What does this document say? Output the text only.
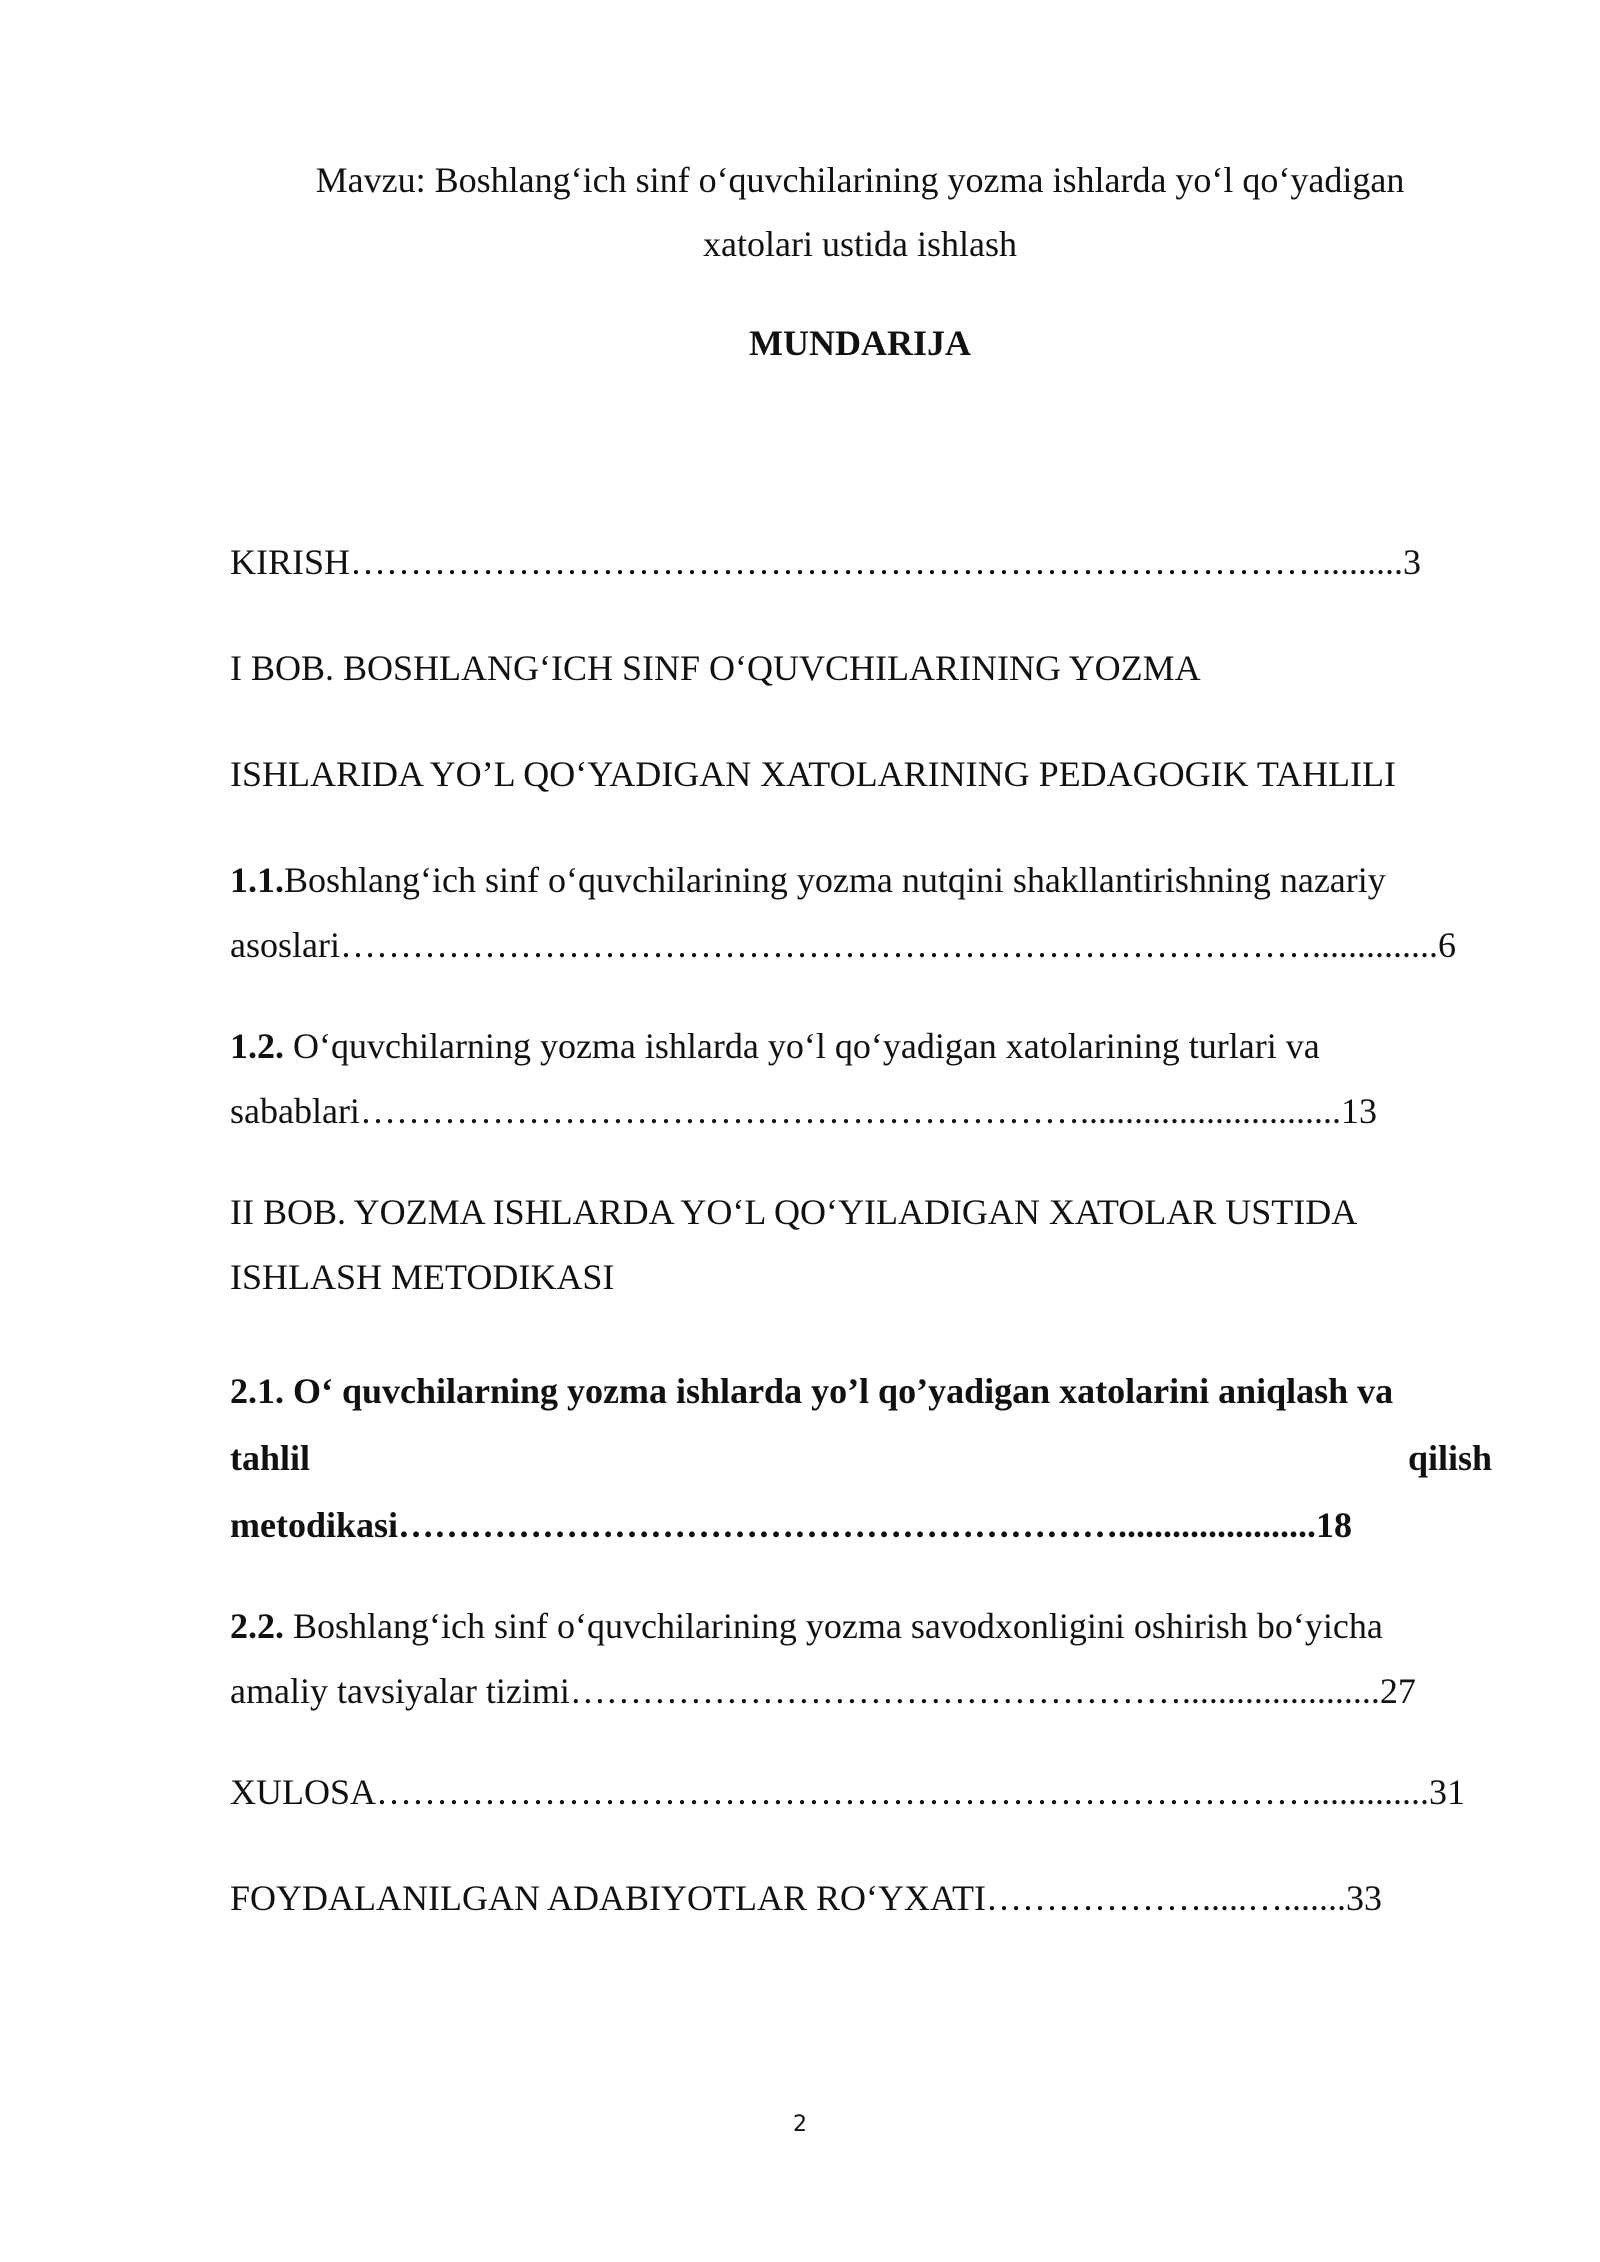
Mavzu: Boshlang‘ich sinf o‘quvchilarining yozma ishlarda yo‘l qo‘yadigan
xatolari ustida ishlash
MUNDARIJA
KIRISH……………………………………………………………………….........3
I BOB. BOSHLANG‘ICH SINF O‘QUVCHILARINING YOZMA
ISHLARIDA YO’L QO‘YADIGAN XATOLARINING PEDAGOGIK TAHLILI
1.1.Boshlang‘ich sinf o‘quvchilarining yozma nutqini shakllantirishning nazariy
asoslari………………………………………………………………………..............6
1.2. O‘quvchilarning yozma ishlarda yo‘l qo‘yadigan xatolarining turlari va
sabablari…………………………………………………….............................13
II BOB. YOZMA ISHLARDA YO‘L QO‘YILADIGAN XATOLAR USTIDA
ISHLASH METODIKASI
2.1. O‘ quvchilarning yozma ishlarda yo’l qo’yadigan xatolarini aniqlash va
tahlil	qilish
metodikasi……………………………………………………......................18
2.2. Boshlang‘ich sinf o‘quvchilarining yozma savodxonligini oshirish bo‘yicha
amaliy tavsiyalar tizimi……………………………………………......................27
XULOSA…………………………………………………………………….............31
FOYDALANILGAN ADABIYOTLAR RO‘YXATI……………….....….......33
2
